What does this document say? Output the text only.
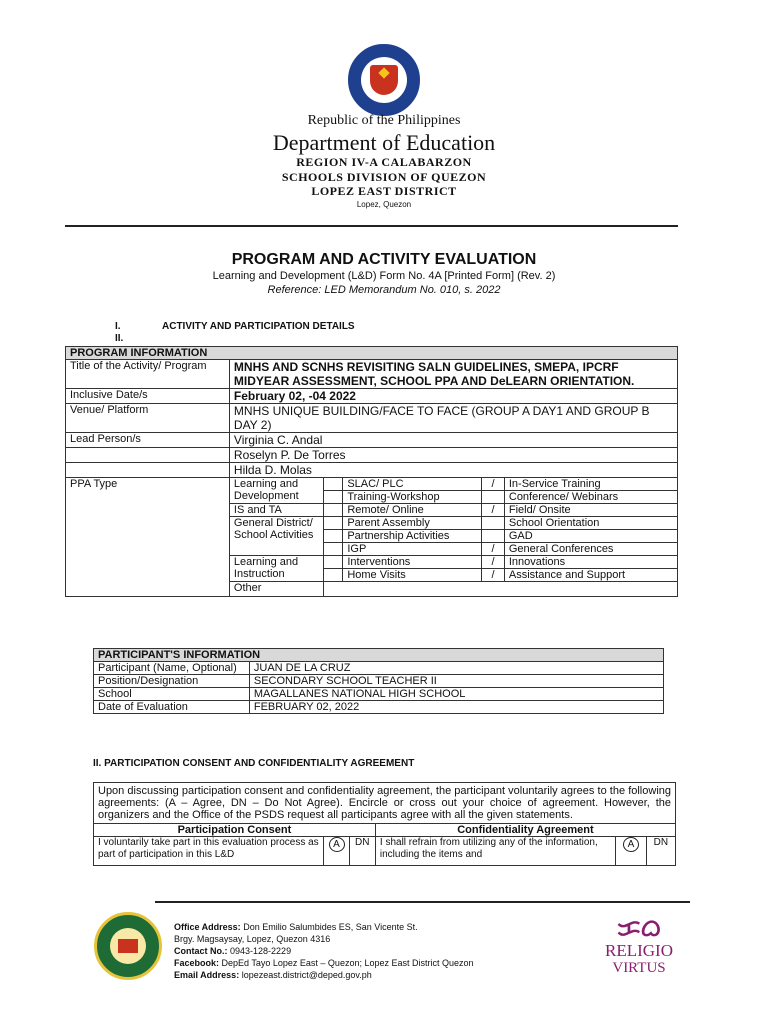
Republic of the Philippines
Department of Education
REGION IV-A CALABARZON
SCHOOLS DIVISION OF QUEZON
LOPEZ EAST DISTRICT
Lopez, Quezon
PROGRAM AND ACTIVITY EVALUATION
Learning and Development (L&D) Form No. 4A [Printed Form] (Rev. 2)
Reference: LED Memorandum No. 010, s. 2022
I.	ACTIVITY AND PARTICIPATION DETAILS
II.
PROGRAM INFORMATION					
Title of the Activity/ Program	MNHS AND SCNHS REVISITING SALN GUIDELINES, SMEPA, IPCRF MIDYEAR ASSESSMENT, SCHOOL PPA AND DeLEARN ORIENTATION.				
Inclusive Date/s	February 02, -04 2022				
Venue/ Platform	MNHS UNIQUE BUILDING/FACE TO FACE (GROUP A DAY1 AND GROUP B DAY 2)				
Lead Person/s	Virginia C. Andal				
	Roselyn P. De Torres				
	Hilda D. Molas				
PPA Type	Learning and Development		SLAC/ PLC	/	In-Service Training
			Training-Workshop		Conference/ Webinars
	IS and TA		Remote/ Online	/	Field/ Onsite
	General District/ School Activities		Parent Assembly		School Orientation
			Partnership Activities		GAD
			IGP	/	General Conferences
	Learning and Instruction		Interventions	/	Innovations
			Home Visits	/	Assistance and Support
	Other				
PARTICIPANT'S INFORMATION	
Participant (Name, Optional)	JUAN DE LA CRUZ
Position/Designation	SECONDARY SCHOOL TEACHER II
School	MAGALLANES NATIONAL HIGH SCHOOL
Date of Evaluation	FEBRUARY 02, 2022
II. PARTICIPATION CONSENT AND CONFIDENTIALITY AGREEMENT
Upon discussing participation consent and confidentiality agreement, the participant voluntarily agrees to the following agreements: (A – Agree, DN – Do Not Agree). Encircle or cross out your choice of agreement. However, the organizers and the Office of the PSDS request all participants agree with all the given statements.					
Participation Consent			Confidentiality Agreement		
I voluntarily take part in this evaluation process as part of participation in this L&D	A	DN	I shall refrain from utilizing any of the information, including the items and	A	DN
Office Address: Don Emilio Salumbides ES, San Vicente St.
Brgy. Magsaysay, Lopez, Quezon 4316
Contact No.: 0943-128-2229
Facebook: DepEd Tayo Lopez East – Quezon; Lopez East District Quezon
Email Address: lopezeast.district@deped.gov.ph
ᜃᜊ
RELIGIO
VIRTUS
